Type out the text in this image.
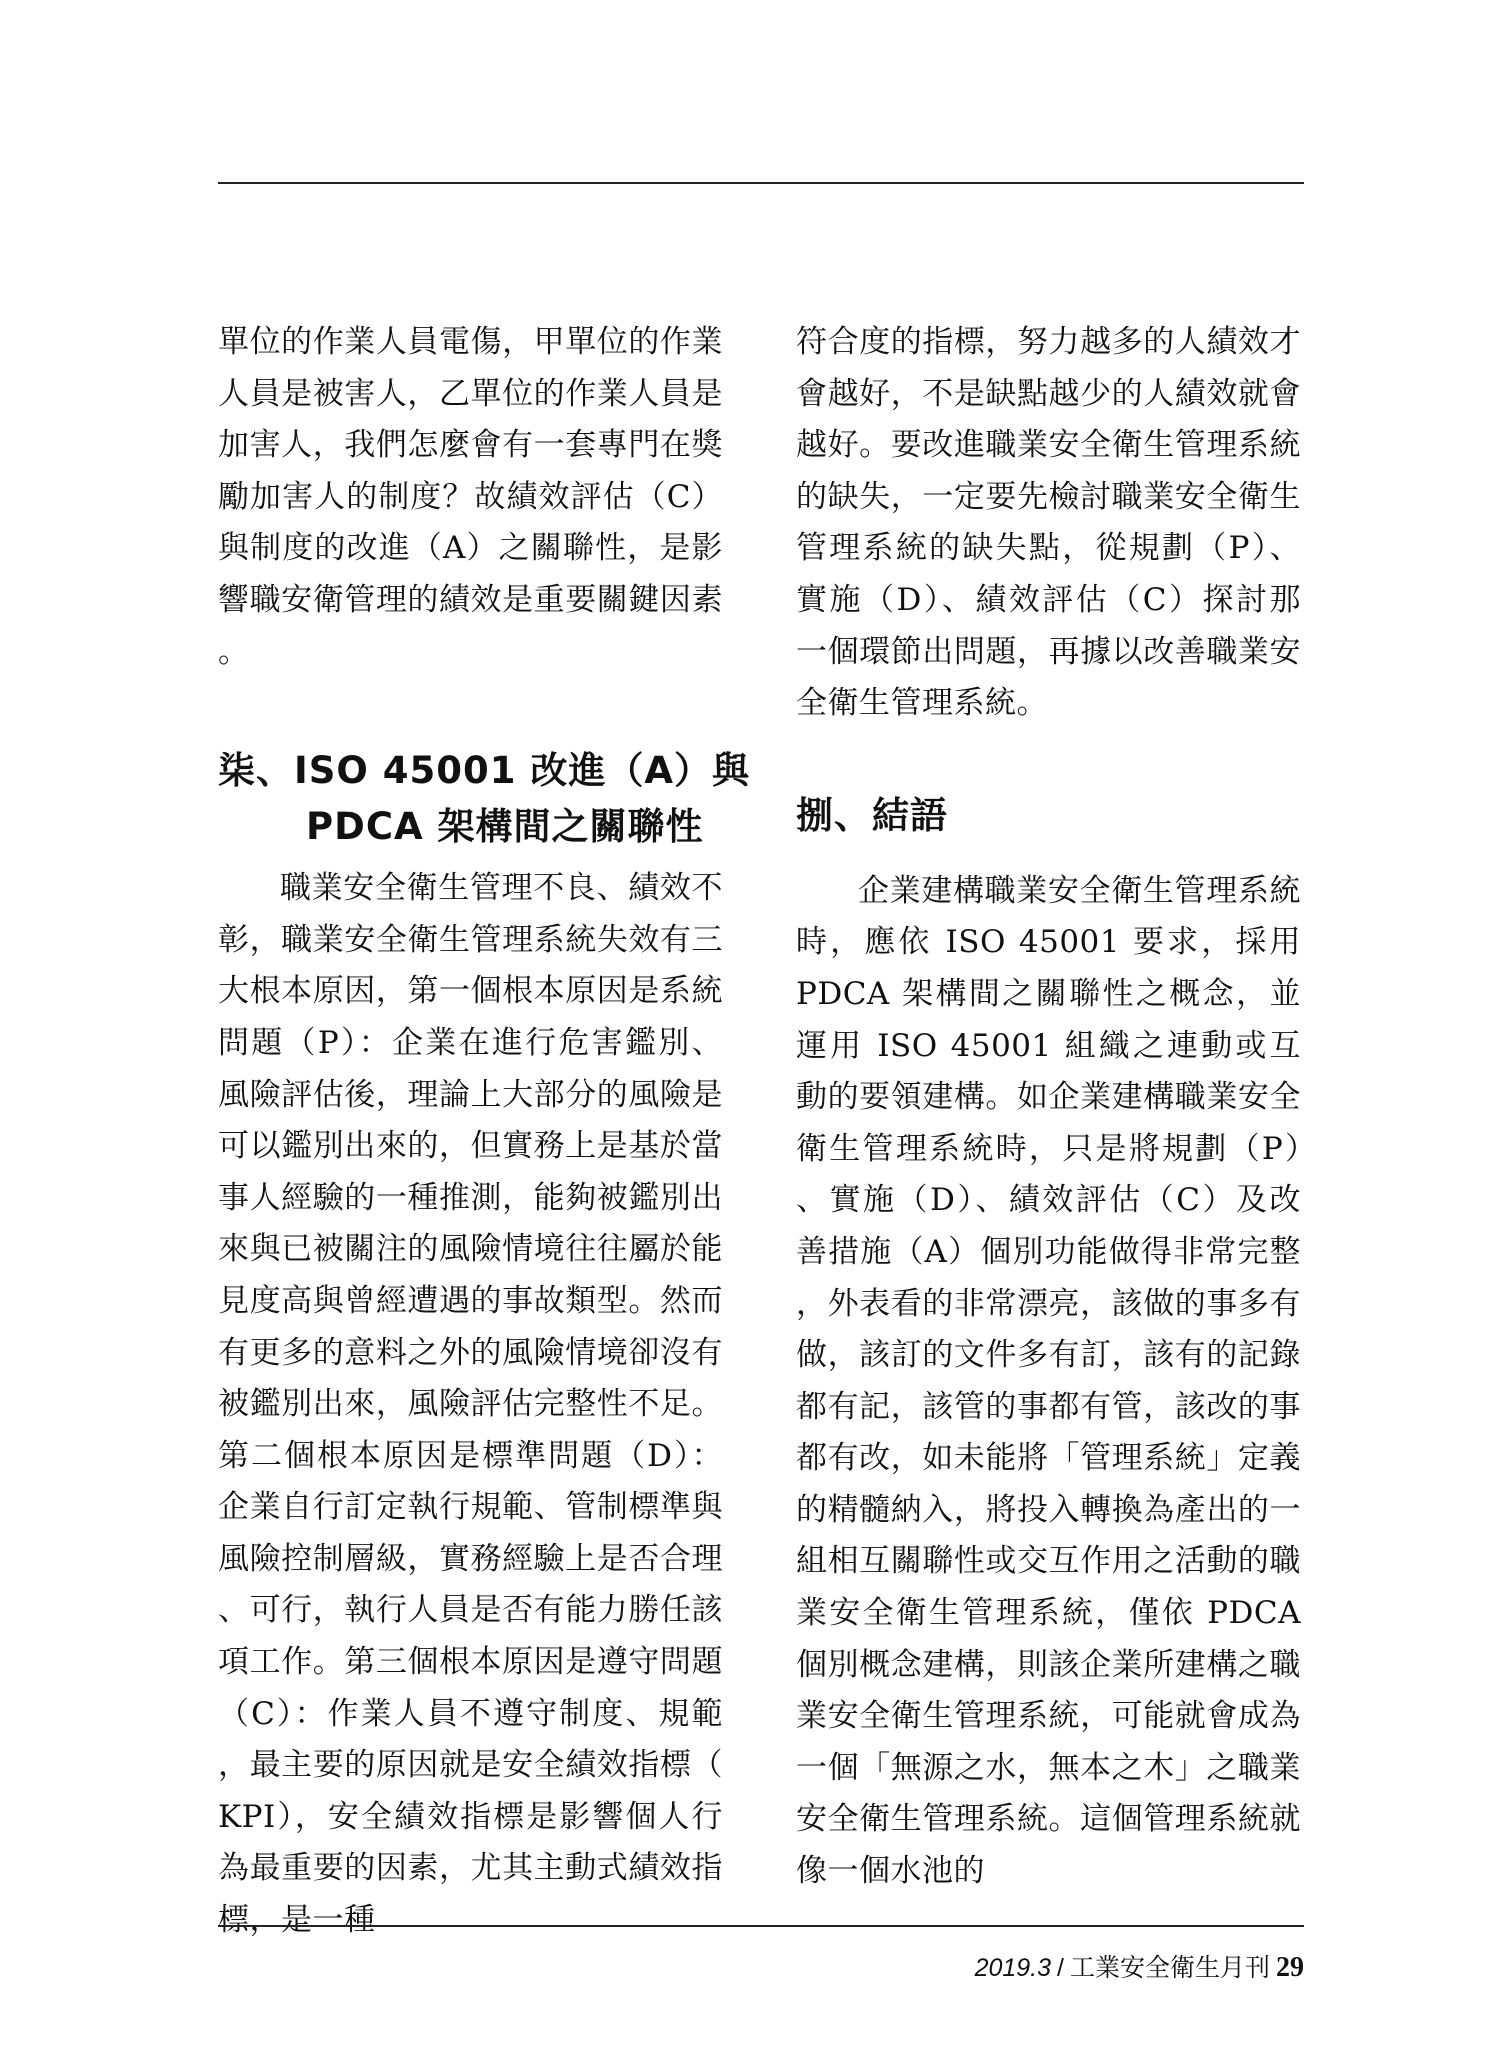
單位的作業人員電傷，甲單位的作業人員是被害人，乙單位的作業人員是加害人，我們怎麼會有一套專門在獎勵加害人的制度？故績效評估（C）與制度的改進（A）之關聯性，是影響職安衛管理的績效是重要關鍵因素。

柒、ISO 45001 改進（A）與
PDCA 架構間之關聯性

職業安全衛生管理不良、績效不彰，職業安全衛生管理系統失效有三大根本原因，第一個根本原因是系統問題（P）：企業在進行危害鑑別、風險評估後，理論上大部分的風險是可以鑑別出來的，但實務上是基於當事人經驗的一種推測，能夠被鑑別出來與已被關注的風險情境往往屬於能見度高與曾經遭遇的事故類型。然而有更多的意料之外的風險情境卻沒有被鑑別出來，風險評估完整性不足。第二個根本原因是標準問題（D）：企業自行訂定執行規範、管制標準與風險控制層級，實務經驗上是否合理、可行，執行人員是否有能力勝任該項工作。第三個根本原因是遵守問題（C）：作業人員不遵守制度、規範，最主要的原因就是安全績效指標（KPI），安全績效指標是影響個人行為最重要的因素，尤其主動式績效指標，是一種

符合度的指標，努力越多的人績效才會越好，不是缺點越少的人績效就會越好。要改進職業安全衛生管理系統的缺失，一定要先檢討職業安全衛生管理系統的缺失點，從規劃（P）、實施（D）、績效評估（C）探討那一個環節出問題，再據以改善職業安全衛生管理系統。

捌、結語

企業建構職業安全衛生管理系統時，應依 ISO 45001 要求，採用 PDCA 架構間之關聯性之概念，並運用 ISO 45001 組織之連動或互動的要領建構。如企業建構職業安全衛生管理系統時，只是將規劃（P）、實施（D）、績效評估（C）及改善措施（A）個別功能做得非常完整，外表看的非常漂亮，該做的事多有做，該訂的文件多有訂，該有的記錄都有記，該管的事都有管，該改的事都有改，如未能將「管理系統」定義的精髓納入，將投入轉換為產出的一組相互關聯性或交互作用之活動的職業安全衛生管理系統，僅依 PDCA 個別概念建構，則該企業所建構之職業安全衛生管理系統，可能就會成為一個「無源之水，無本之木」之職業安全衛生管理系統。這個管理系統就像一個水池的

2019.3 / 工業安全衛生月刊 29
